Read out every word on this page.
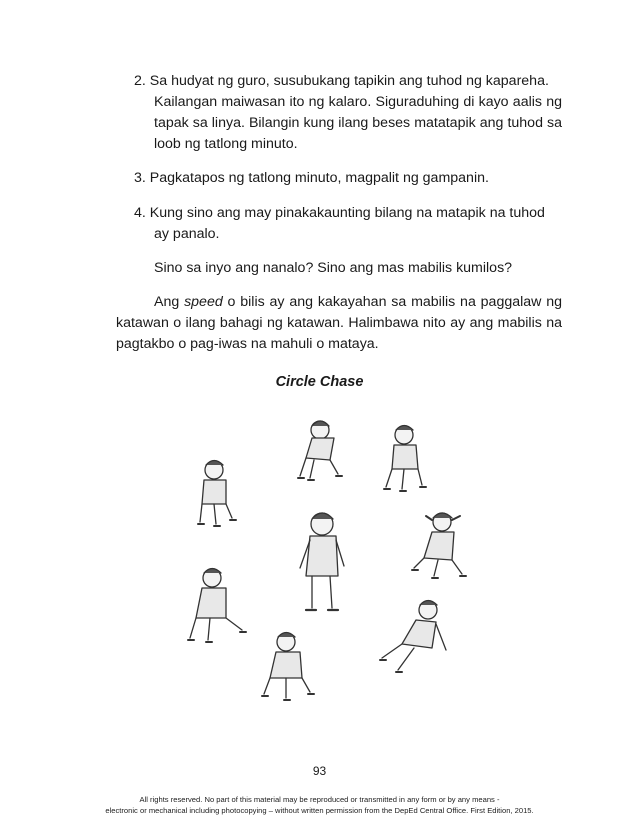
2. Sa hudyat ng guro, susubukang tapikin ang tuhod ng kapareha.
Kailangan maiwasan ito ng kalaro. Siguraduhing di kayo aalis ng tapak sa linya. Bilangin kung ilang beses matatapik ang tuhod sa loob ng tatlong minuto.
3. Pagkatapos ng tatlong minuto, magpalit ng gampanin.
4. Kung sino ang may pinakakaunting bilang na matapik na tuhod
ay panalo.
Sino sa inyo ang nanalo? Sino ang mas mabilis kumilos?
Ang speed o bilis ay ang kakayahan sa mabilis na paggalaw ng katawan o ilang bahagi ng katawan. Halimbawa nito ay ang mabilis na pagtakbo o pag-iwas na mahuli o mataya.
Circle Chase
93
All rights reserved. No part of this material may be reproduced or transmitted in any form or by any means -
electronic or mechanical including photocopying – without written permission from the DepEd Central Office. First Edition, 2015.
